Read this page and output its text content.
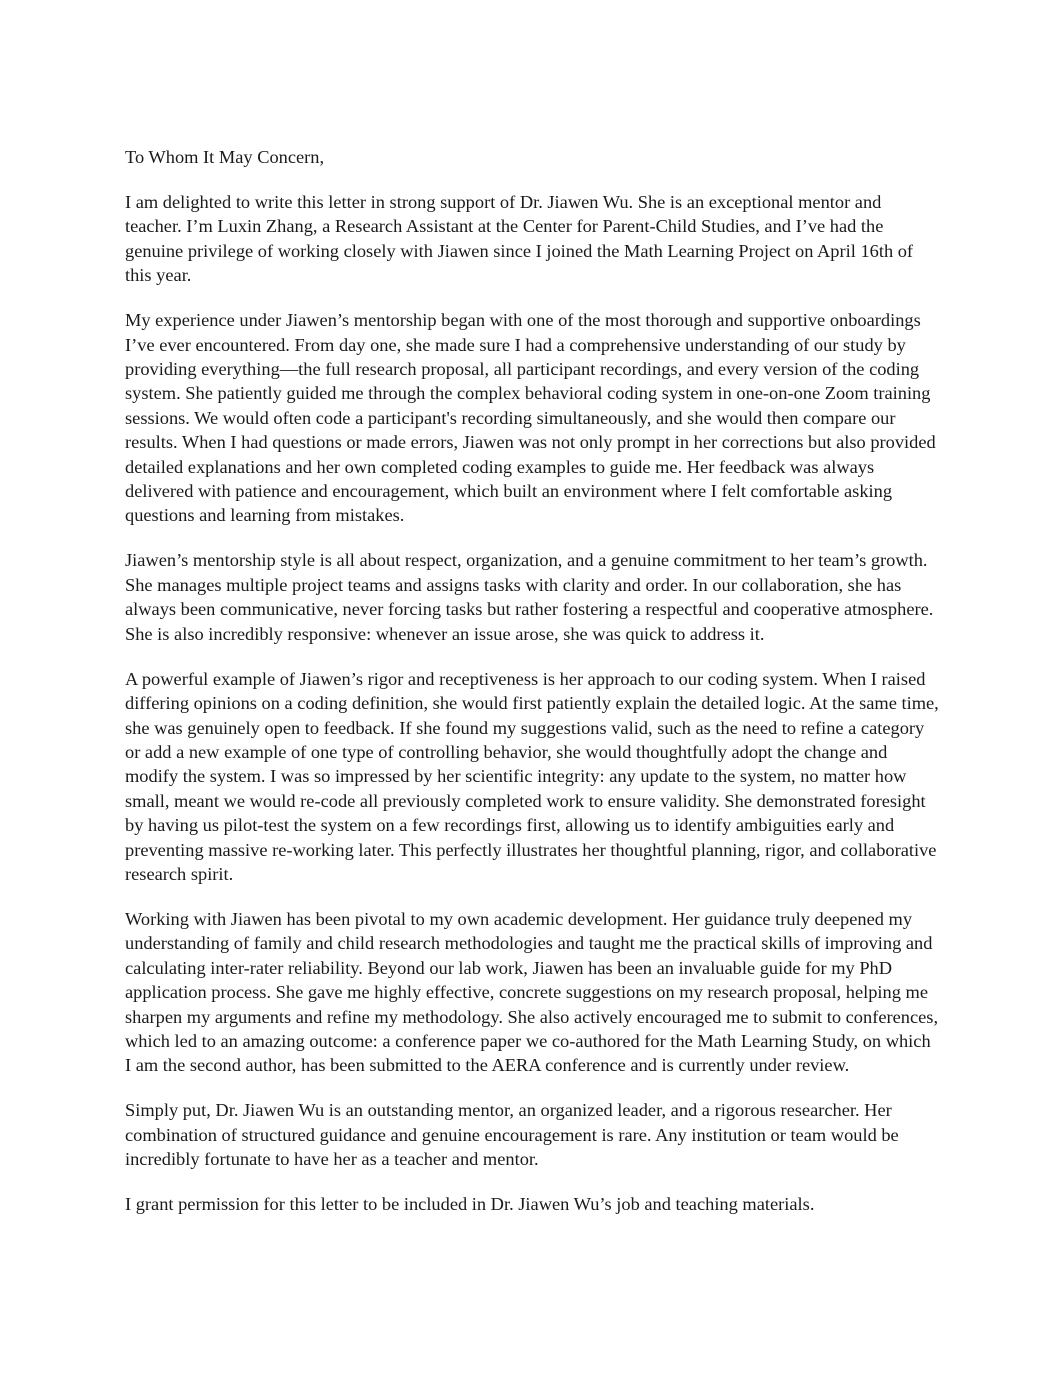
To Whom It May Concern,

I am delighted to write this letter in strong support of Dr. Jiawen Wu. She is an exceptional mentor and teacher. I’m Luxin Zhang, a Research Assistant at the Center for Parent-Child Studies, and I’ve had the genuine privilege of working closely with Jiawen since I joined the Math Learning Project on April 16th of this year.

My experience under Jiawen’s mentorship began with one of the most thorough and supportive onboardings I’ve ever encountered. From day one, she made sure I had a comprehensive understanding of our study by providing everything—the full research proposal, all participant recordings, and every version of the coding system. She patiently guided me through the complex behavioral coding system in one-on-one Zoom training sessions. We would often code a participant's recording simultaneously, and she would then compare our results. When I had questions or made errors, Jiawen was not only prompt in her corrections but also provided detailed explanations and her own completed coding examples to guide me. Her feedback was always delivered with patience and encouragement, which built an environment where I felt comfortable asking questions and learning from mistakes.

Jiawen’s mentorship style is all about respect, organization, and a genuine commitment to her team’s growth. She manages multiple project teams and assigns tasks with clarity and order. In our collaboration, she has always been communicative, never forcing tasks but rather fostering a respectful and cooperative atmosphere. She is also incredibly responsive: whenever an issue arose, she was quick to address it.

A powerful example of Jiawen’s rigor and receptiveness is her approach to our coding system. When I raised differing opinions on a coding definition, she would first patiently explain the detailed logic. At the same time, she was genuinely open to feedback. If she found my suggestions valid, such as the need to refine a category or add a new example of one type of controlling behavior, she would thoughtfully adopt the change and modify the system. I was so impressed by her scientific integrity: any update to the system, no matter how small, meant we would re-code all previously completed work to ensure validity. She demonstrated foresight by having us pilot-test the system on a few recordings first, allowing us to identify ambiguities early and preventing massive re-working later. This perfectly illustrates her thoughtful planning, rigor, and collaborative research spirit.

Working with Jiawen has been pivotal to my own academic development. Her guidance truly deepened my understanding of family and child research methodologies and taught me the practical skills of improving and calculating inter-rater reliability. Beyond our lab work, Jiawen has been an invaluable guide for my PhD application process. She gave me highly effective, concrete suggestions on my research proposal, helping me sharpen my arguments and refine my methodology. She also actively encouraged me to submit to conferences, which led to an amazing outcome: a conference paper we co-authored for the Math Learning Study, on which I am the second author, has been submitted to the AERA conference and is currently under review.

Simply put, Dr. Jiawen Wu is an outstanding mentor, an organized leader, and a rigorous researcher. Her combination of structured guidance and genuine encouragement is rare. Any institution or team would be incredibly fortunate to have her as a teacher and mentor.

I grant permission for this letter to be included in Dr. Jiawen Wu’s job and teaching materials.
